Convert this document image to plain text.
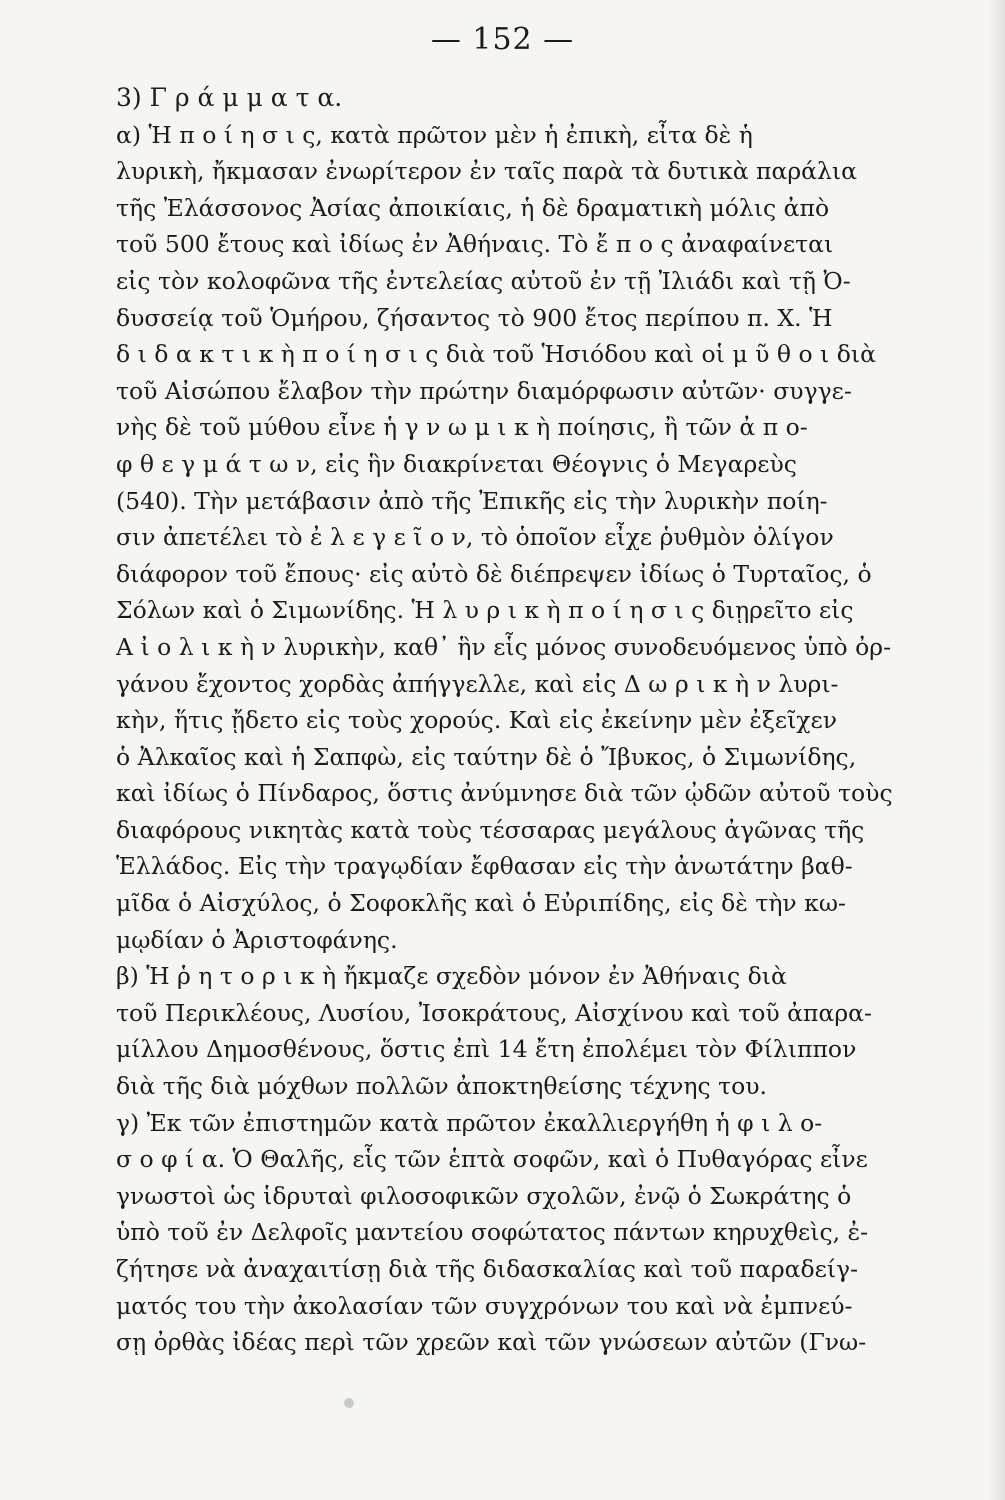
— 152 —
3) Γ ρ ά μ μ α τ α.
α) Ἡ π ο ί η σ ι ς, κατὰ πρῶτον μὲν ἡ ἐπικὴ, εἶτα δὲ ἡ
λυρικὴ, ἤκμασαν ἐνωρίτερον ἐν ταῖς παρὰ τὰ δυτικὰ παράλια
τῆς Ἐλάσσονος Ἀσίας ἀποικίαις, ἡ δὲ δραματικὴ μόλις ἀπὸ
τοῦ 500 ἔτους καὶ ἰδίως ἐν Ἀθήναις. Τὸ ἔ π ο ς ἀναφαίνεται
εἰς τὸν κολοφῶνα τῆς ἐντελείας αὐτοῦ ἐν τῇ Ἰλιάδι καὶ τῇ Ὀ-
δυσσείᾳ τοῦ Ὁμήρου, ζήσαντος τὸ 900 ἔτος περίπου π. Χ. Ἡ
δ ι δ α κ τ ι κ ὴ π ο ί η σ ι ς διὰ τοῦ Ἡσιόδου καὶ οἱ μ ῦ θ ο ι διὰ
τοῦ Αἰσώπου ἔλαβον τὴν πρώτην διαμόρφωσιν αὐτῶν· συγγε-
νὴς δὲ τοῦ μύθου εἶνε ἡ γ ν ω μ ι κ ὴ ποίησις, ἢ τῶν ἀ π ο-
φ θ ε γ μ ά τ ω ν, εἰς ἣν διακρίνεται Θέογνις ὁ Μεγαρεὺς
(540). Τὴν μετάβασιν ἀπὸ τῆς Ἐπικῆς εἰς τὴν λυρικὴν ποίη-
σιν ἀπετέλει τὸ ἐ λ ε γ ε ῖ ο ν, τὸ ὁποῖον εἶχε ῥυθμὸν ὀλίγον
διάφορον τοῦ ἔπους· εἰς αὐτὸ δὲ διέπρεψεν ἰδίως ὁ Τυρταῖος, ὁ
Σόλων καὶ ὁ Σιμωνίδης. Ἡ λ υ ρ ι κ ὴ π ο ί η σ ι ς διῃρεῖτο εἰς
Α ἰ ο λ ι κ ὴ ν λυρικὴν, καθ᾽ ἣν εἷς μόνος συνοδευόμενος ὑπὸ ὀρ-
γάνου ἔχοντος χορδὰς ἀπήγγελλε, καὶ εἰς Δ ω ρ ι κ ὴ ν λυρι-
κὴν, ἥτις ᾔδετο εἰς τοὺς χορούς. Καὶ εἰς ἐκείνην μὲν ἐξεῖχεν
ὁ Ἀλκαῖος καὶ ἡ Σαπφὼ, εἰς ταύτην δὲ ὁ Ἴβυκος, ὁ Σιμωνίδης,
καὶ ἰδίως ὁ Πίνδαρος, ὅστις ἀνύμνησε διὰ τῶν ᾠδῶν αὐτοῦ τοὺς
διαφόρους νικητὰς κατὰ τοὺς τέσσαρας μεγάλους ἀγῶνας τῆς
Ἑλλάδος. Εἰς τὴν τραγῳδίαν ἔφθασαν εἰς τὴν ἀνωτάτην βαθ-
μῖδα ὁ Αἰσχύλος, ὁ Σοφοκλῆς καὶ ὁ Εὐριπίδης, εἰς δὲ τὴν κω-
μῳδίαν ὁ Ἀριστοφάνης.
β) Ἡ ῥ η τ ο ρ ι κ ὴ ἤκμαζε σχεδὸν μόνον ἐν Ἀθήναις διὰ
τοῦ Περικλέους, Λυσίου, Ἰσοκράτους, Αἰσχίνου καὶ τοῦ ἀπαρα-
μίλλου Δημοσθένους, ὅστις ἐπὶ 14 ἔτη ἐπολέμει τὸν Φίλιππον
διὰ τῆς διὰ μόχθων πολλῶν ἀποκτηθείσης τέχνης του.
γ) Ἐκ τῶν ἐπιστημῶν κατὰ πρῶτον ἐκαλλιεργήθη ἡ φ ι λ ο-
σ ο φ ί α. Ὁ Θαλῆς, εἷς τῶν ἑπτὰ σοφῶν, καὶ ὁ Πυθαγόρας εἶνε
γνωστοὶ ὡς ἱδρυταὶ φιλοσοφικῶν σχολῶν, ἐνῷ ὁ Σωκράτης ὁ
ὑπὸ τοῦ ἐν Δελφοῖς μαντείου σοφώτατος πάντων κηρυχθεὶς, ἐ-
ζήτησε νὰ ἀναχαιτίσῃ διὰ τῆς διδασκαλίας καὶ τοῦ παραδείγ-
ματός του τὴν ἀκολασίαν τῶν συγχρόνων του καὶ νὰ ἐμπνεύ-
σῃ ὀρθὰς ἰδέας περὶ τῶν χρεῶν καὶ τῶν γνώσεων αὐτῶν (Γνω-
